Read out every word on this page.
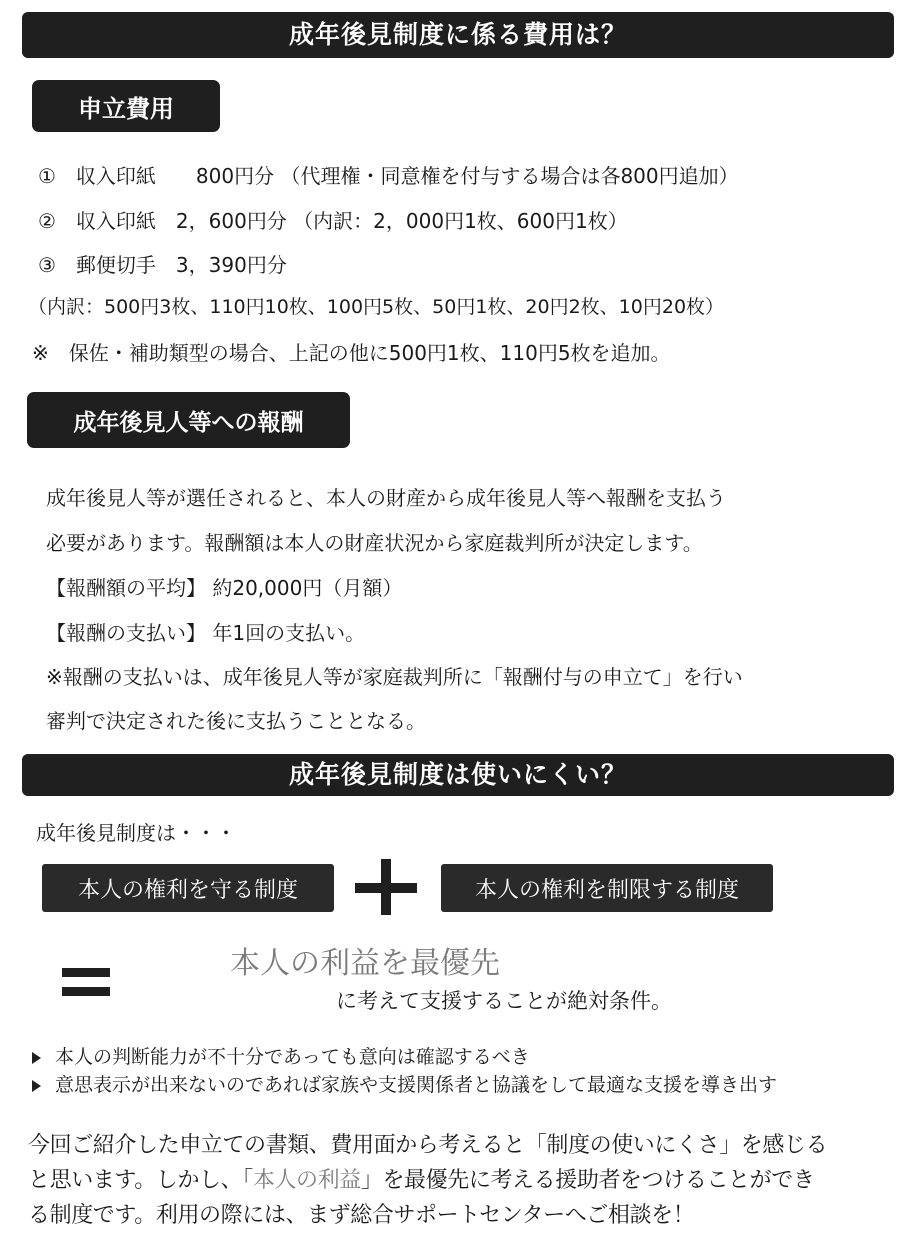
成年後見制度に係る費用は？
申立費用
①　収入印紙　　800円分 （代理権・同意権を付与する場合は各800円追加）
②　収入印紙　2，600円分 （内訳：2，000円1枚、600円1枚）
③　郵便切手　3，390円分
（内訳：500円3枚、110円10枚、100円5枚、50円1枚、20円2枚、10円20枚）
※　保佐・補助類型の場合、上記の他に500円1枚、110円5枚を追加。
成年後見人等への報酬
成年後見人等が選任されると、本人の財産から成年後見人等へ報酬を支払う
必要があります。報酬額は本人の財産状況から家庭裁判所が決定します。
【報酬額の平均】 約20,000円（月額）
【報酬の支払い】 年1回の支払い。
※報酬の支払いは、成年後見人等が家庭裁判所に「報酬付与の申立て」を行い
審判で決定された後に支払うこととなる。
成年後見制度は使いにくい？
成年後見制度は・・・
本人の権利を守る制度	本人の権利を制限する制度
本人の利益を最優先
に考えて支援することが絶対条件。
本人の判断能力が不十分であっても意向は確認するべき
意思表示が出来ないのであれば家族や支援関係者と協議をして最適な支援を導き出す
今回ご紹介した申立ての書類、費用面から考えると「制度の使いにくさ」を感じる
と思います。しかし、「本人の利益」を最優先に考える援助者をつけることができ
る制度です。利用の際には、まず総合サポートセンターへご相談を！
